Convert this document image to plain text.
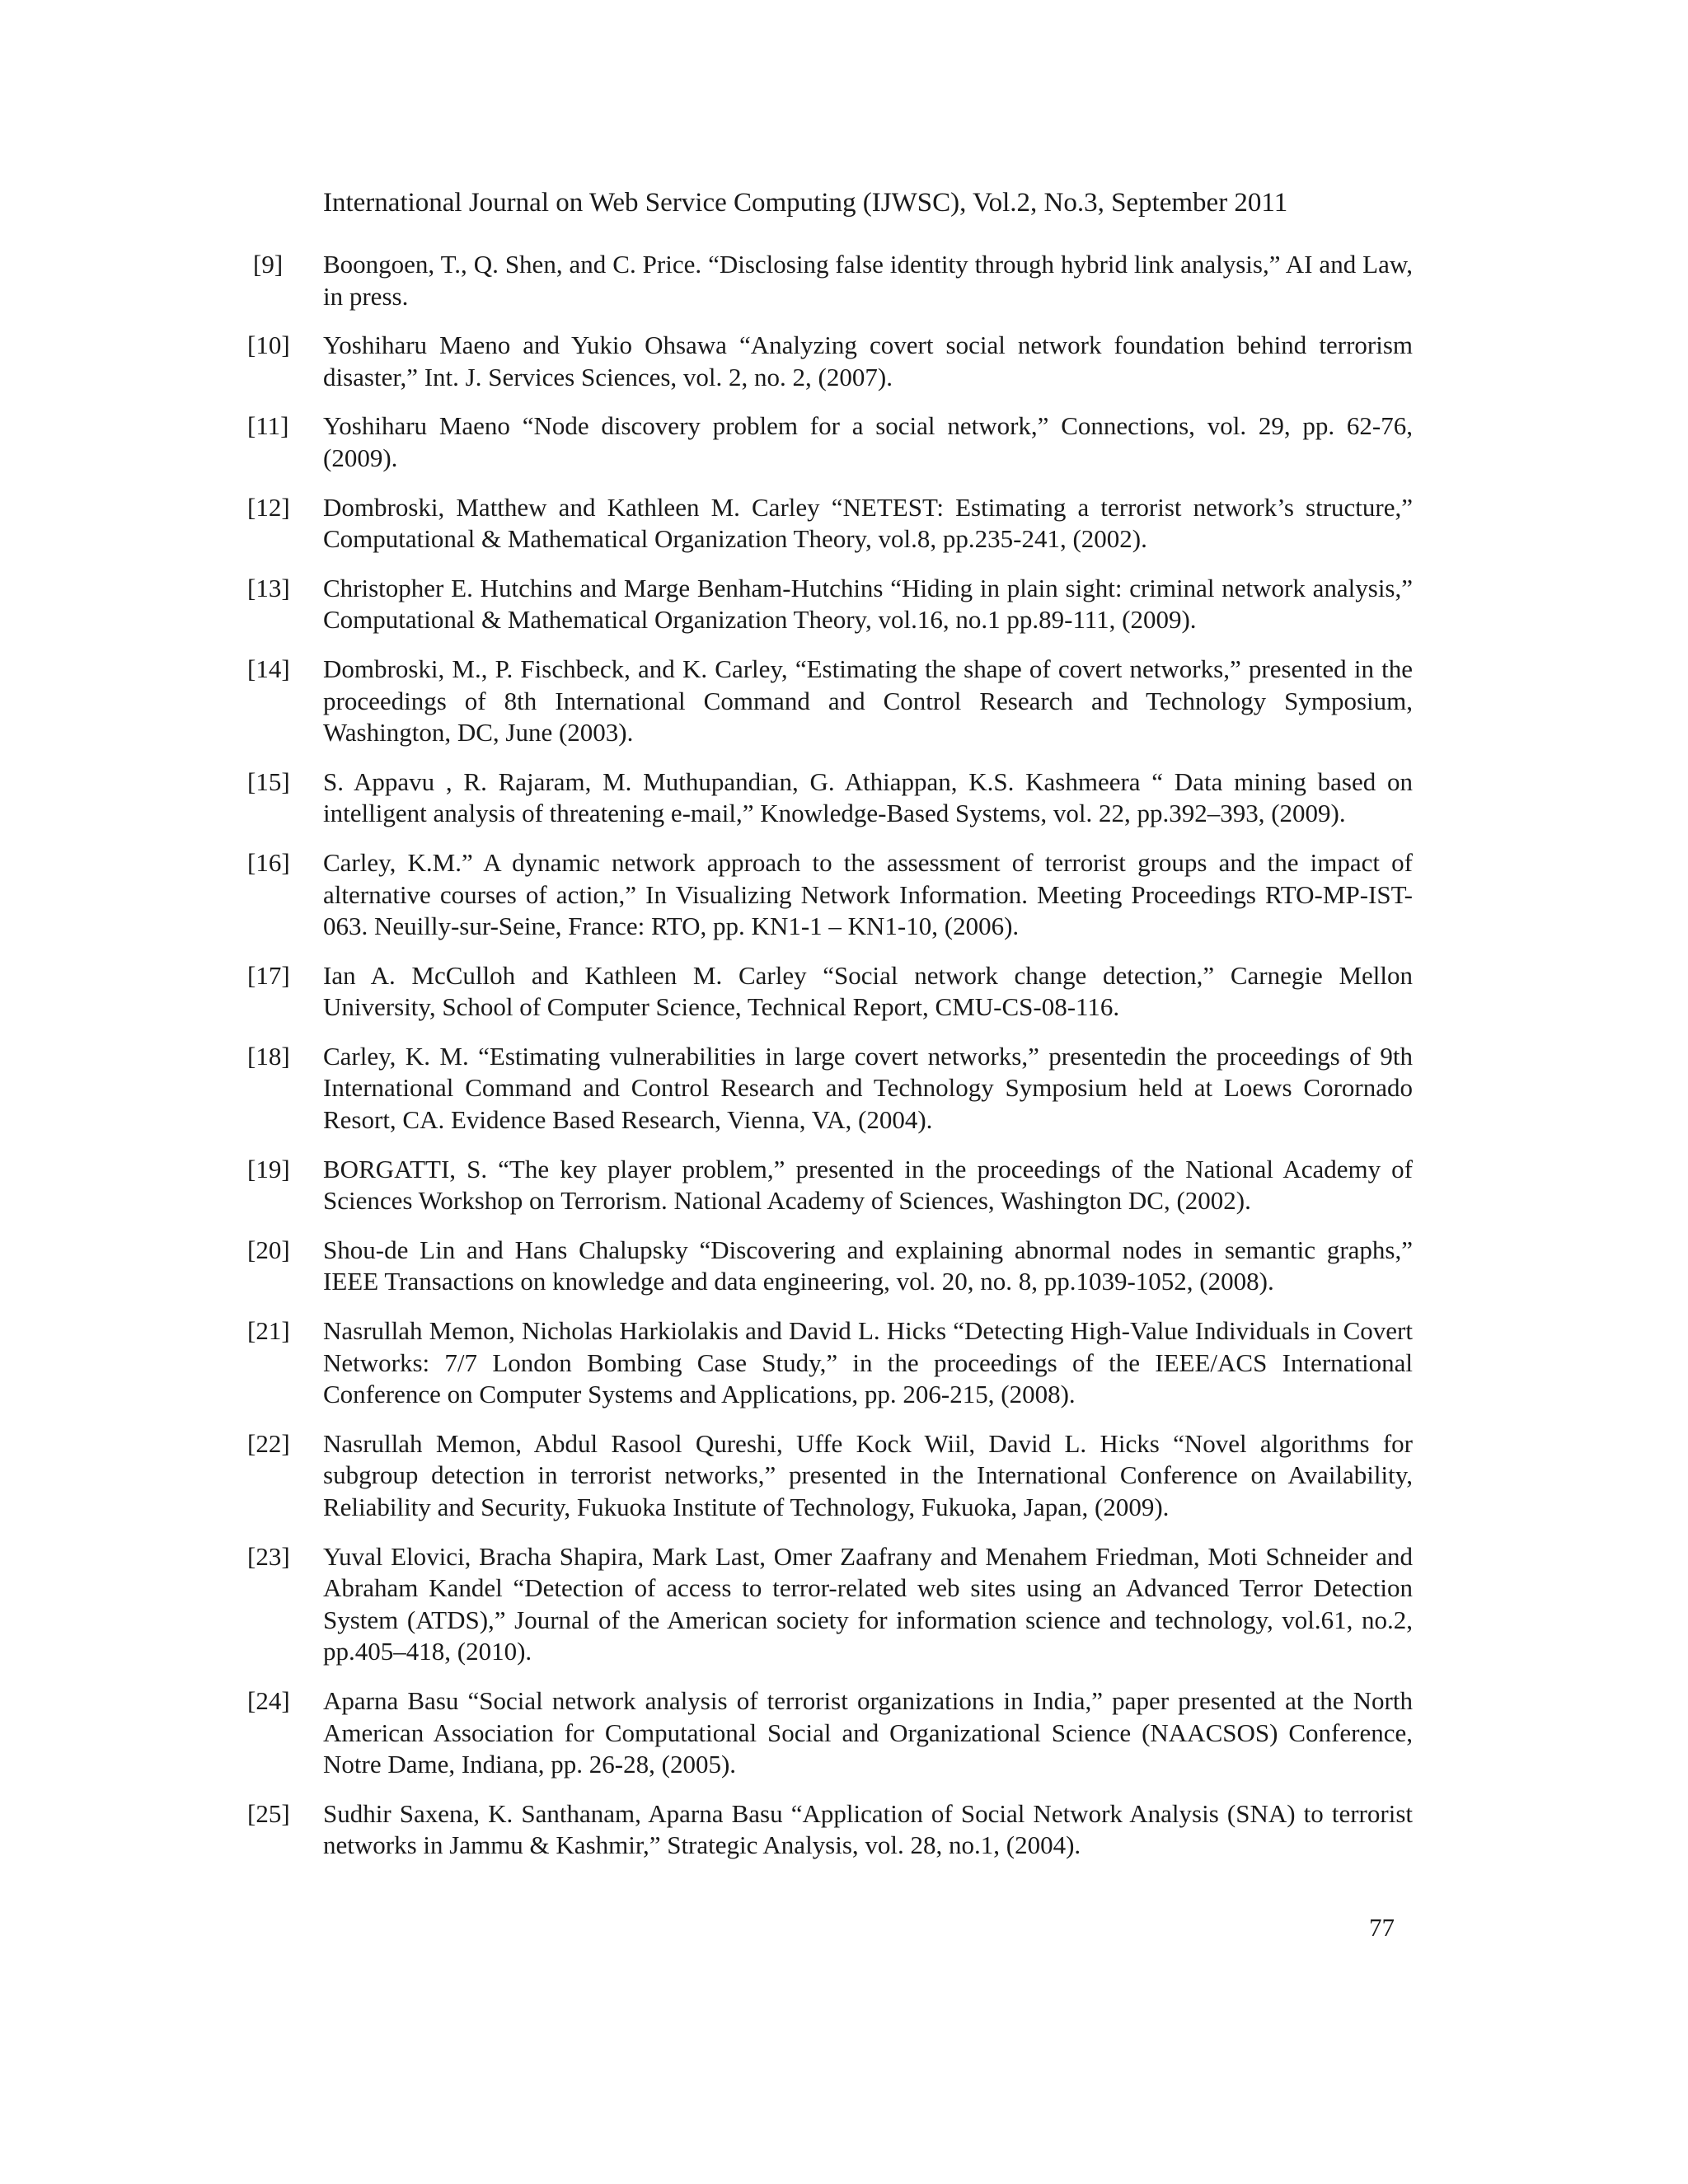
International Journal on Web Service Computing (IJWSC), Vol.2, No.3, September 2011
[9]	Boongoen, T., Q. Shen, and C. Price. “Disclosing false identity through hybrid link analysis,” AI and Law, in press.
[10]	Yoshiharu Maeno and Yukio Ohsawa “Analyzing covert social network foundation behind terrorism disaster,” Int. J. Services Sciences, vol. 2, no. 2, (2007).
[11]	Yoshiharu Maeno “Node discovery problem for a social network,” Connections, vol. 29, pp. 62-76, (2009).
[12]	Dombroski, Matthew and Kathleen M. Carley “NETEST: Estimating a terrorist network’s structure,” Computational & Mathematical Organization Theory, vol.8, pp.235-241, (2002).
[13]	Christopher E. Hutchins and Marge Benham-Hutchins “Hiding in plain sight: criminal network analysis,” Computational & Mathematical Organization Theory, vol.16, no.1 pp.89-111, (2009).
[14]	Dombroski, M., P. Fischbeck, and K. Carley, “Estimating the shape of covert networks,” presented in the proceedings of 8th International Command and Control Research and Technology Symposium, Washington, DC, June (2003).
[15]	S. Appavu , R. Rajaram, M. Muthupandian, G. Athiappan, K.S. Kashmeera “ Data mining based on intelligent analysis of threatening e-mail,” Knowledge-Based Systems, vol. 22, pp.392–393, (2009).
[16]	Carley, K.M.” A dynamic network approach to the assessment of terrorist groups and the impact of alternative courses of action,” In Visualizing Network Information. Meeting Proceedings RTO-MP-IST-063. Neuilly-sur-Seine, France: RTO, pp. KN1-1 – KN1-10, (2006).
[17]	Ian A. McCulloh and Kathleen M. Carley “Social network change detection,” Carnegie Mellon University, School of Computer Science, Technical Report, CMU-CS-08-116.
[18]	Carley, K. M. “Estimating vulnerabilities in large covert networks,” presentedin the proceedings of 9th International Command and Control Research and Technology Symposium held at Loews Corornado Resort, CA. Evidence Based Research, Vienna, VA, (2004).
[19]	BORGATTI, S. “The key player problem,” presented in the proceedings of the National Academy of Sciences Workshop on Terrorism. National Academy of Sciences, Washington DC, (2002).
[20]	Shou-de Lin and Hans Chalupsky “Discovering and explaining abnormal nodes in semantic graphs,” IEEE Transactions on knowledge and data engineering, vol. 20, no. 8, pp.1039-1052, (2008).
[21]	Nasrullah Memon, Nicholas Harkiolakis and David L. Hicks “Detecting High-Value Individuals in Covert Networks: 7/7 London Bombing Case Study,” in the proceedings of the IEEE/ACS International Conference on Computer Systems and Applications, pp. 206-215, (2008).
[22]	Nasrullah Memon, Abdul Rasool Qureshi, Uffe Kock Wiil, David L. Hicks “Novel algorithms for subgroup detection in terrorist networks,” presented in the International Conference on Availability, Reliability and Security, Fukuoka Institute of Technology, Fukuoka, Japan, (2009).
[23]	Yuval Elovici, Bracha Shapira, Mark Last, Omer Zaafrany and Menahem Friedman, Moti Schneider and Abraham Kandel “Detection of access to terror-related web sites using an Advanced Terror Detection System (ATDS),” Journal of the American society for information science and technology, vol.61, no.2, pp.405–418, (2010).
[24]	Aparna Basu “Social network analysis of terrorist organizations in India,” paper presented at the North American Association for Computational Social and Organizational Science (NAACSOS) Conference, Notre Dame, Indiana, pp. 26-28, (2005).
[25]	Sudhir Saxena, K. Santhanam, Aparna Basu “Application of Social Network Analysis (SNA) to terrorist networks in Jammu & Kashmir,” Strategic Analysis, vol. 28, no.1, (2004).
77
